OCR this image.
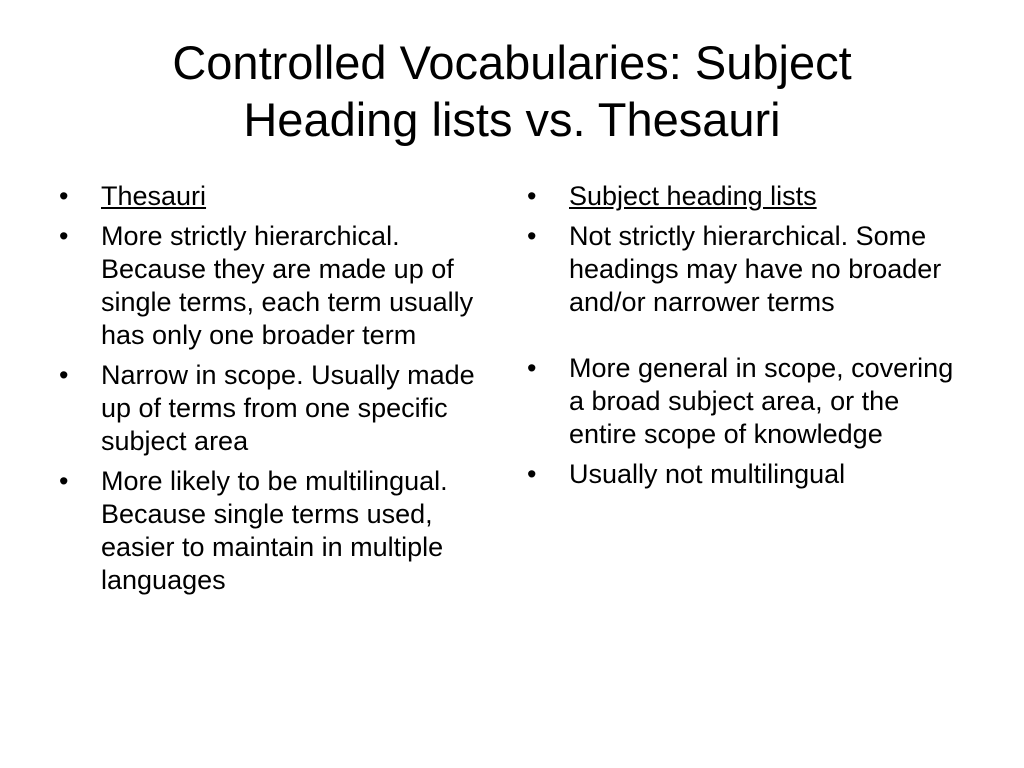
Controlled Vocabularies: Subject
Heading lists vs. Thesauri
• Thesauri
• More strictly hierarchical. Because they are made up of single terms, each term usually has only one broader term
• Narrow in scope. Usually made up of terms from one specific subject area
• More likely to be multilingual. Because single terms used, easier to maintain in multiple languages
• Subject heading lists
• Not strictly hierarchical. Some headings may have no broader and/or narrower terms
• More general in scope, covering a broad subject area, or the entire scope of knowledge
• Usually not multilingual
